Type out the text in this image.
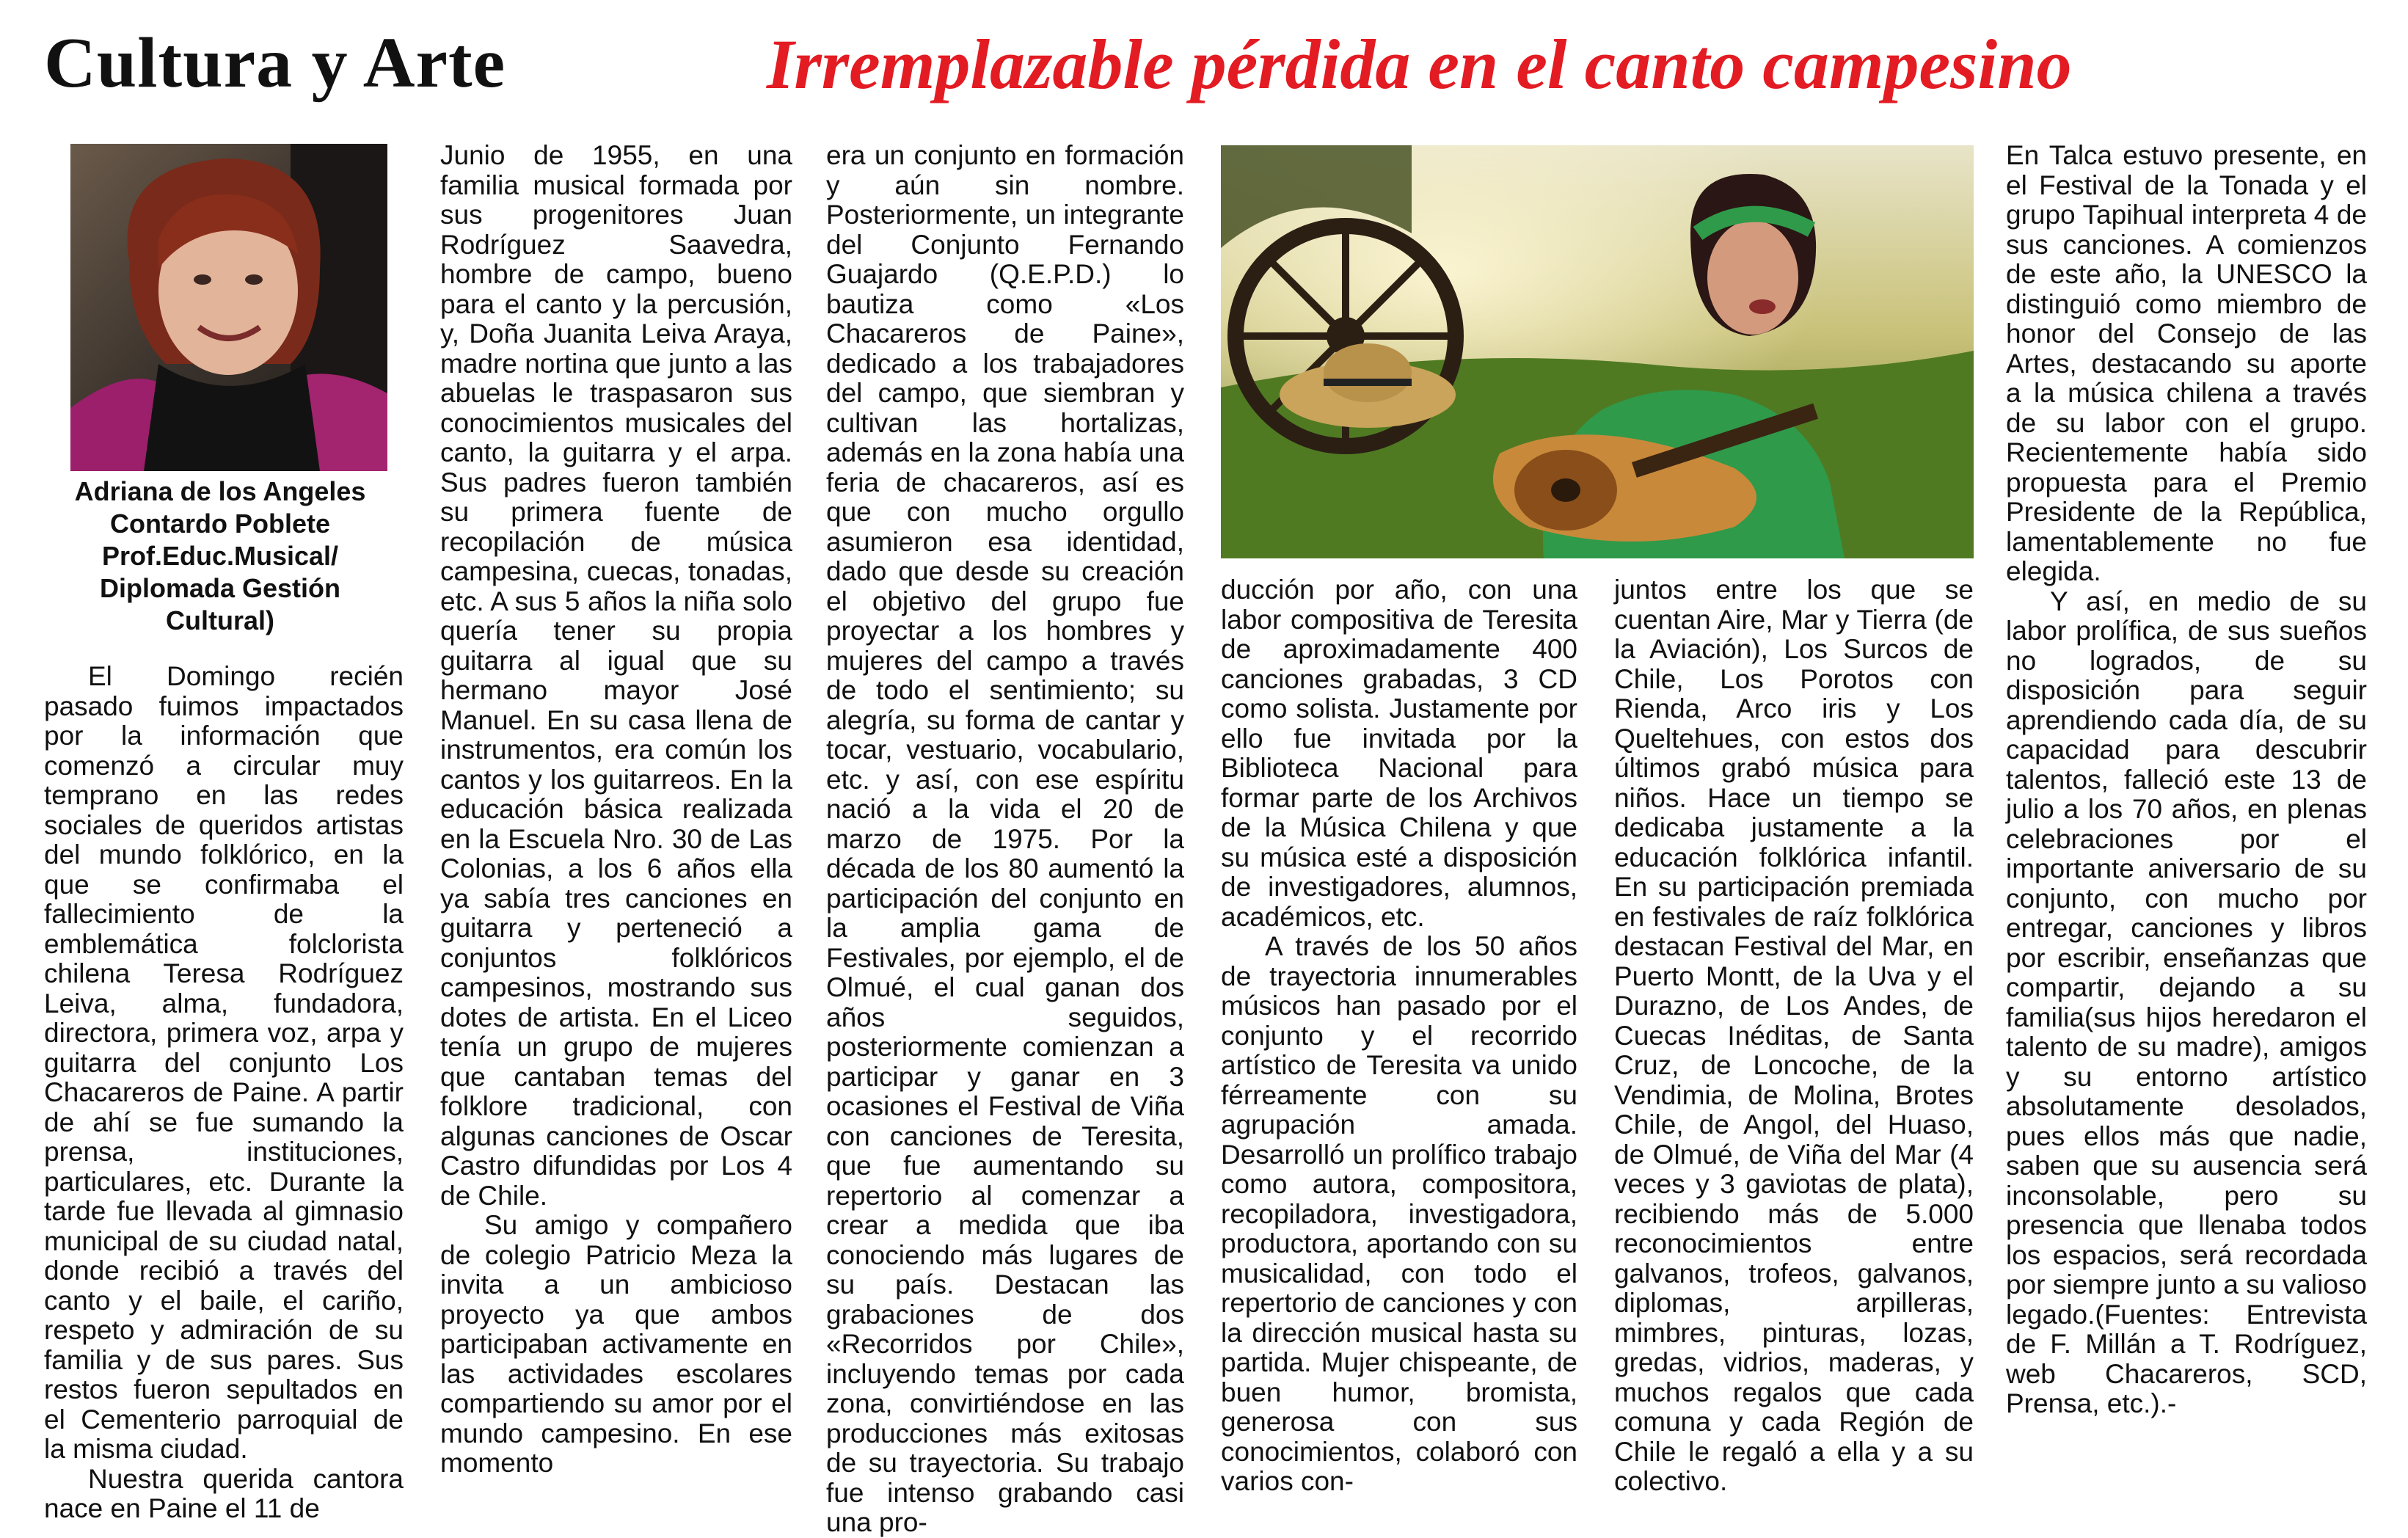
Cultura y Arte	Irremplazable pérdida en el canto campesino
Adriana de los Angeles
Contardo Poblete
Prof.Educ.Musical/
Diplomada Gestión
Cultural)

El Domingo recién pasado fuimos impactados por la información que comenzó a circular muy temprano en las redes sociales de queridos artistas del mundo folklórico, en la que se confirmaba el fallecimiento de la emblemática folclorista chilena Teresa Rodríguez Leiva, alma, fundadora, directora, primera voz, arpa y guitarra del conjunto Los Chacareros de Paine. A partir de ahí se fue sumando la prensa, instituciones, particulares, etc. Durante la tarde fue llevada al gimnasio municipal de su ciudad natal, donde recibió a través del canto y el baile, el cariño, respeto y admiración de su familia y de sus pares. Sus restos fueron sepultados en el Cementerio parroquial de la misma ciudad.

Nuestra querida cantora nace en Paine el 11 de

Junio de 1955, en una familia musical formada por sus progenitores Juan Rodríguez Saavedra, hombre de campo, bueno para el canto y la percusión, y, Doña Juanita Leiva Araya, madre nortina que junto a las abuelas le traspasaron sus conocimientos musicales del canto, la guitarra y el arpa. Sus padres fueron también su primera fuente de recopilación de música campesina, cuecas, tonadas, etc. A sus 5 años la niña solo quería tener su propia guitarra al igual que su hermano mayor José Manuel. En su casa llena de instrumentos, era común los cantos y los guitarreos. En la educación básica realizada en la Escuela Nro. 30 de Las Colonias, a los 6 años ella ya sabía tres canciones en guitarra y perteneció a conjuntos folklóricos campesinos, mostrando sus dotes de artista. En el Liceo tenía un grupo de mujeres que cantaban temas del folklore tradicional, con algunas canciones de Oscar Castro difundidas por Los 4 de Chile.

Su amigo y compañero de colegio Patricio Meza la invita a un ambicioso proyecto ya que ambos participaban activamente en las actividades escolares compartiendo su amor por el mundo campesino. En ese momento

era un conjunto en formación y aún sin nombre. Posteriormente, un integrante del Conjunto Fernando Guajardo (Q.E.P.D.) lo bautiza como «Los Chacareros de Paine», dedicado a los trabajadores del campo, que siembran y cultivan las hortalizas, además en la zona había una feria de chacareros, así es que con mucho orgullo asumieron esa identidad, dado que desde su creación el objetivo del grupo fue proyectar a los hombres y mujeres del campo a través de todo el sentimiento; su alegría, su forma de cantar y tocar, vestuario, vocabulario, etc. y así, con ese espíritu nació a la vida el 20 de marzo de 1975. Por la década de los 80 aumentó la participación del conjunto en la amplia gama de Festivales, por ejemplo, el de Olmué, el cual ganan dos años seguidos, posteriormente comienzan a participar y ganar en 3 ocasiones el Festival de Viña con canciones de Teresita, que fue aumentando su repertorio al comenzar a crear a medida que iba conociendo más lugares de su país. Destacan las grabaciones de dos «Recorridos por Chile», incluyendo temas por cada zona, convirtiéndose en las producciones más exitosas de su trayectoria. Su trabajo fue intenso grabando casi una pro-

ducción por año, con una labor compositiva de Teresita de aproximadamente 400 canciones grabadas, 3 CD como solista. Justamente por ello fue invitada por la Biblioteca Nacional para formar parte de los Archivos de la Música Chilena y que su música esté a disposición de investigadores, alumnos, académicos, etc.

A través de los 50 años de trayectoria innumerables músicos han pasado por el conjunto y el recorrido artístico de Teresita va unido férreamente con su agrupación amada. Desarrolló un prolífico trabajo como autora, compositora, recopiladora, investigadora, productora, aportando con su musicalidad, con todo el repertorio de canciones y con la dirección musical hasta su partida. Mujer chispeante, de buen humor, bromista, generosa con sus conocimientos, colaboró con varios con-

juntos entre los que se cuentan Aire, Mar y Tierra (de la Aviación), Los Surcos de Chile, Los Porotos con Rienda, Arco iris y Los Queltehues, con estos dos últimos grabó música para niños. Hace un tiempo se dedicaba justamente a la educación folklórica infantil. En su participación premiada en festivales de raíz folklórica destacan Festival del Mar, en Puerto Montt, de la Uva y el Durazno, de Los Andes, de Cuecas Inéditas, de Santa Cruz, de Loncoche, de la Vendimia, de Molina, Brotes Chile, de Angol, del Huaso, de Olmué, de Viña del Mar (4 veces y 3 gaviotas de plata), recibiendo más de 5.000 reconocimientos entre galvanos, trofeos, galvanos, diplomas, arpilleras, mimbres, pinturas, lozas, gredas, vidrios, maderas, y muchos regalos que cada comuna y cada Región de Chile le regaló a ella y a su colectivo.

En Talca estuvo presente, en el Festival de la Tonada y el grupo Tapihual interpreta 4 de sus canciones. A comienzos de este año, la UNESCO la distinguió como miembro de honor del Consejo de las Artes, destacando su aporte a la música chilena a través de su labor con el grupo. Recientemente había sido propuesta para el Premio Presidente de la República, lamentablemente no fue elegida.

Y así, en medio de su labor prolífica, de sus sueños no logrados, de su disposición para seguir aprendiendo cada día, de su capacidad para descubrir talentos, falleció este 13 de julio a los 70 años, en plenas celebraciones por el importante aniversario de su conjunto, con mucho por entregar, canciones y libros por escribir, enseñanzas que compartir, dejando a su familia(sus hijos heredaron el talento de su madre), amigos y su entorno artístico absolutamente desolados, pues ellos más que nadie, saben que su ausencia será inconsolable, pero su presencia que llenaba todos los espacios, será recordada por siempre junto a su valioso legado.(Fuentes: Entrevista de F. Millán a T. Rodríguez, web Chacareros, SCD, Prensa, etc.).-
